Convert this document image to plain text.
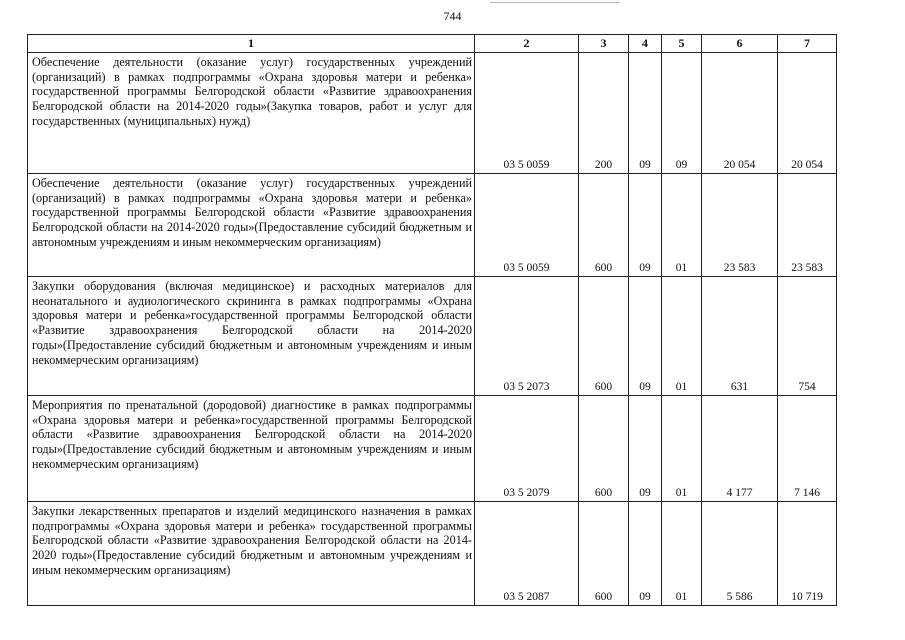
744
1	2	3	4	5	6	7
Обеспечение деятельности (оказание услуг) государственных учреждений (организаций) в рамках подпрограммы «Охрана здоровья матери и ребенка» государственной программы Белгородской области «Развитие здравоохранения Белгородской области на 2014-2020 годы»(Закупка товаров, работ и услуг для государственных (муниципальных) нужд)	03 5 0059	200	09	09	20 054	20 054
Обеспечение деятельности (оказание услуг) государственных учреждений (организаций) в рамках подпрограммы «Охрана здоровья матери и ребенка» государственной программы Белгородской области «Развитие здравоохранения Белгородской области на 2014-2020 годы»(Предоставление субсидий бюджетным и автономным учреждениям и иным некоммерческим организациям)	03 5 0059	600	09	01	23 583	23 583
Закупки оборудования (включая медицинское) и расходных материалов для неонатального и аудиологического скрининга в рамках подпрограммы «Охрана здоровья матери и ребенка»государственной программы Белгородской области «Развитие здравоохранения Белгородской области на 2014-2020 годы»(Предоставление субсидий бюджетным и автономным учреждениям и иным некоммерческим организациям)	03 5 2073	600	09	01	631	754
Мероприятия по пренатальной (дородовой) диагностике в рамках подпрограммы «Охрана здоровья матери и ребенка»государственной программы Белгородской области «Развитие здравоохранения Белгородской области на 2014-2020 годы»(Предоставление субсидий бюджетным и автономным учреждениям и иным некоммерческим организациям)	03 5 2079	600	09	01	4 177	7 146
Закупки лекарственных препаратов и изделий медицинского назначения в рамках подпрограммы «Охрана здоровья матери и ребенка» государственной программы Белгородской области «Развитие здравоохранения Белгородской области на 2014-2020 годы»(Предоставление субсидий бюджетным и автономным учреждениям и иным некоммерческим организациям)	03 5 2087	600	09	01	5 586	10 719
